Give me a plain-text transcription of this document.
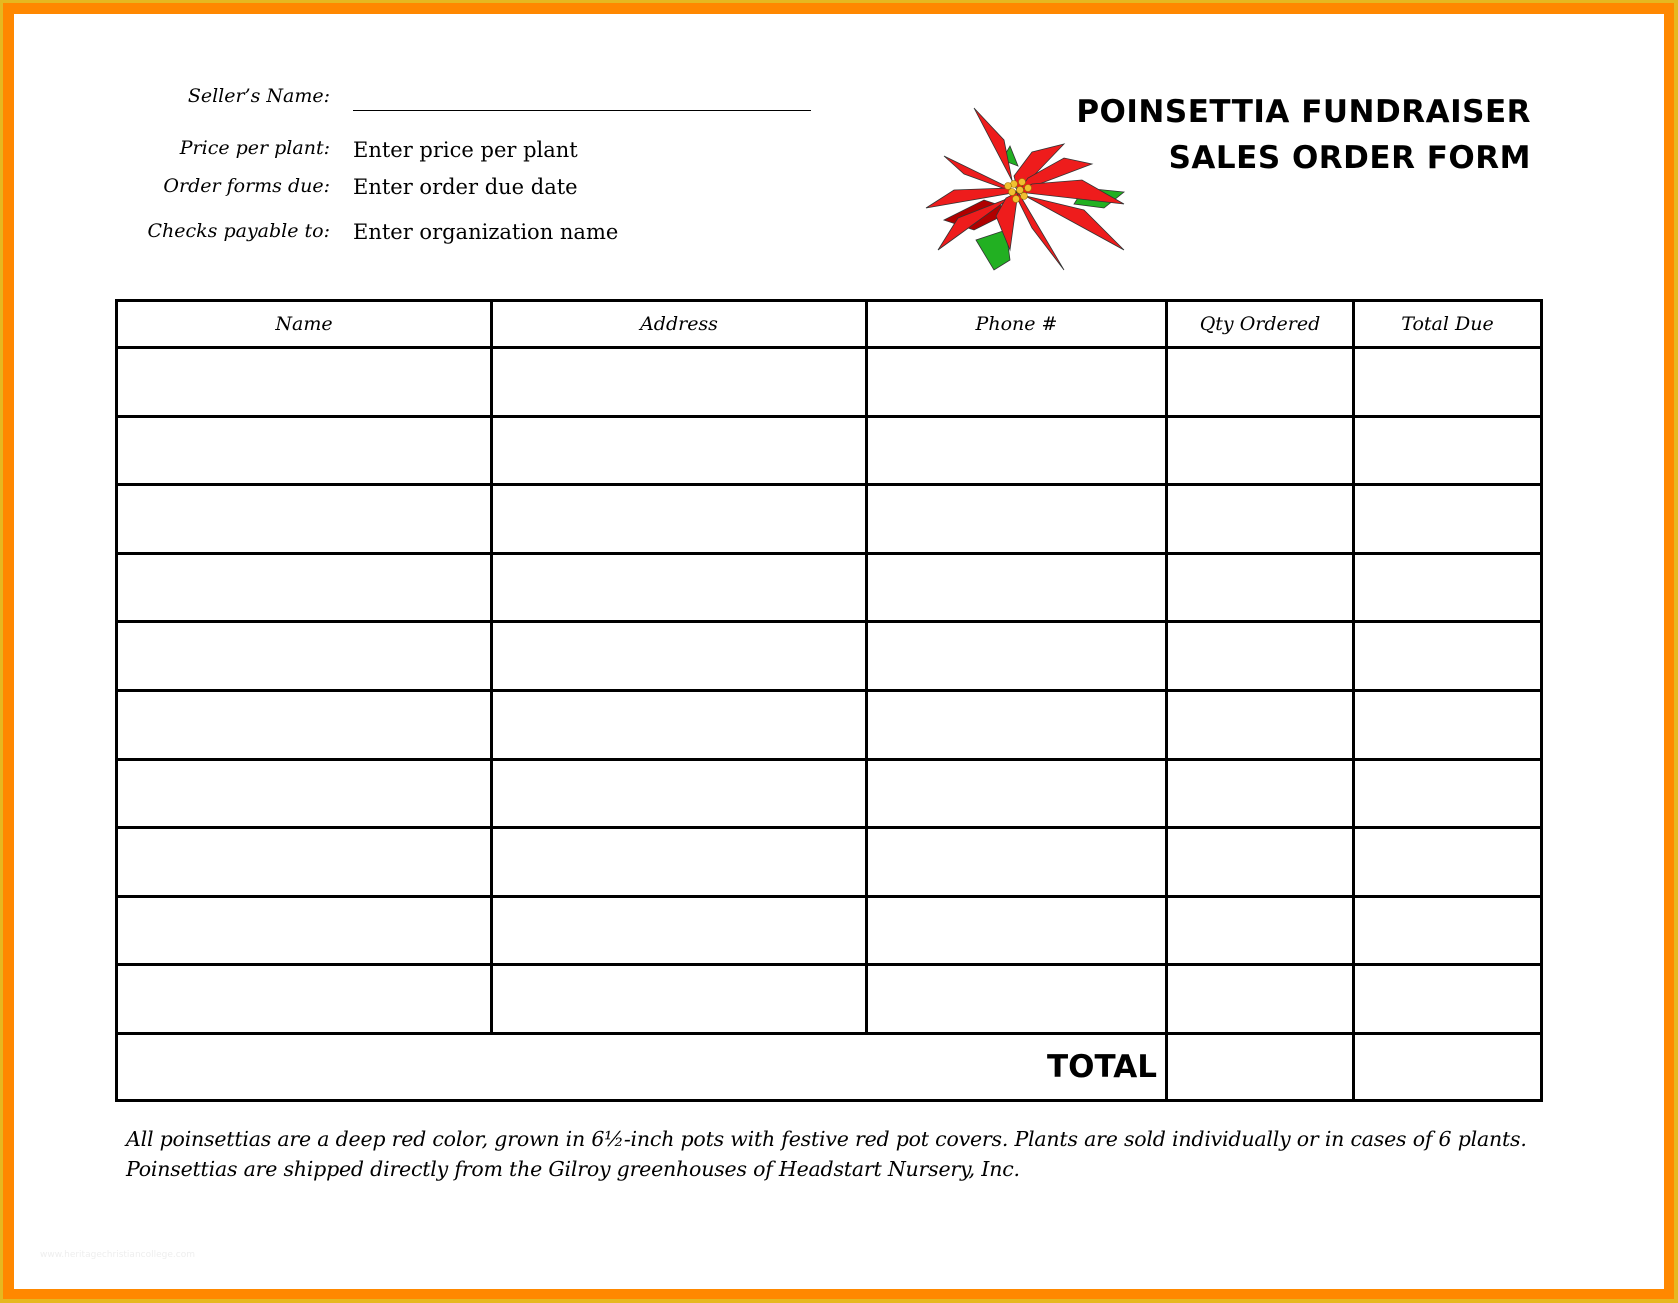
Seller’s Name:
Price per plant: Enter price per plant
Order forms due: Enter order due date
Checks payable to: Enter organization name
POINSETTIA FUNDRAISER
SALES ORDER FORM
Name	Address	Phone #	Qty Ordered	Total Due

TOTAL				
All poinsettias are a deep red color, grown in 6½-inch pots with festive red pot covers. Plants are sold individually or in cases of 6 plants.
Poinsettias are shipped directly from the Gilroy greenhouses of Headstart Nursery, Inc.
www.heritagechristiancollege.com
